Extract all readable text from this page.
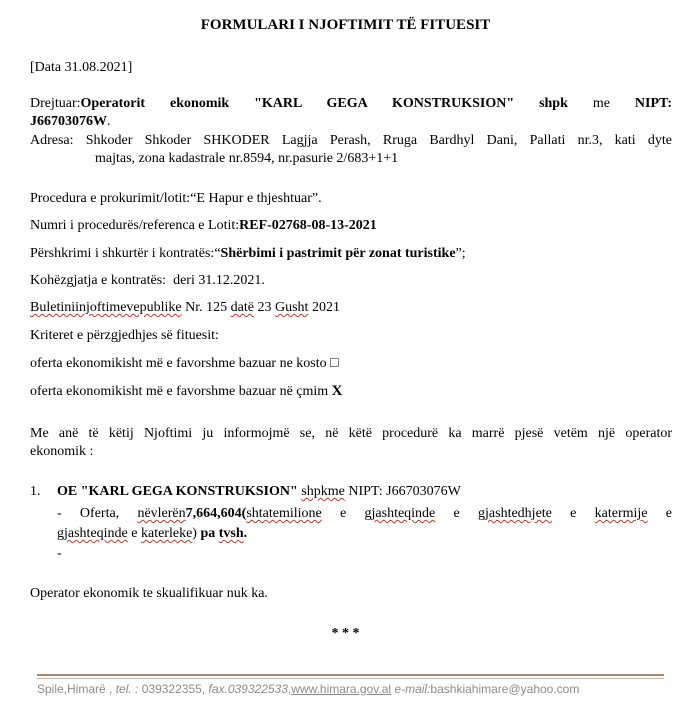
FORMULARI I NJOFTIMIT TË FITUESIT
[Data 31.08.2021]
Drejtuar:Operatorit ekonomik "KARL GEGA KONSTRUKSION" shpk me NIPT:
J66703076W.
Adresa: Shkoder Shkoder SHKODER Lagjja Perash, Rruga Bardhyl Dani, Pallati nr.3, kati dyte
majtas, zona kadastrale nr.8594, nr.pasurie 2/683+1+1
Procedura e prokurimit/lotit:“E Hapur e thjeshtuar”.
Numri i procedurës/referenca e Lotit:REF-02768-08-13-2021
Përshkrimi i shkurtër i kontratës:“Shërbimi i pastrimit për zonat turistike”;
Kohëzgjatja e kontratës: deri 31.12.2021.
Buletiniinjoftimevepublike Nr. 125 datë 23 Gusht 2021
Kriteret e përzgjedhjes së fituesit:
oferta ekonomikisht më e favorshme bazuar ne kosto □
oferta ekonomikisht më e favorshme bazuar në çmim X
Me anë të këtij Njoftimi ju informojmë se, në këtë procedurë ka marrë pjesë vetëm një operator
ekonomik :
1. OE "KARL GEGA KONSTRUKSION" shpkme NIPT: J66703076W
- Oferta, nëvlerën7,664,604(shtatemilione e gjashteqinde e gjashtedhjete e katermije e
gjashteqinde e katerleke) pa tvsh.
-
Operator ekonomik te skualifikuar nuk ka.
* * *
Spile,Himarë , tel. : 039322355, fax.039322533,www.himara.gov.al e-mail:bashkiahimare@yahoo.com
